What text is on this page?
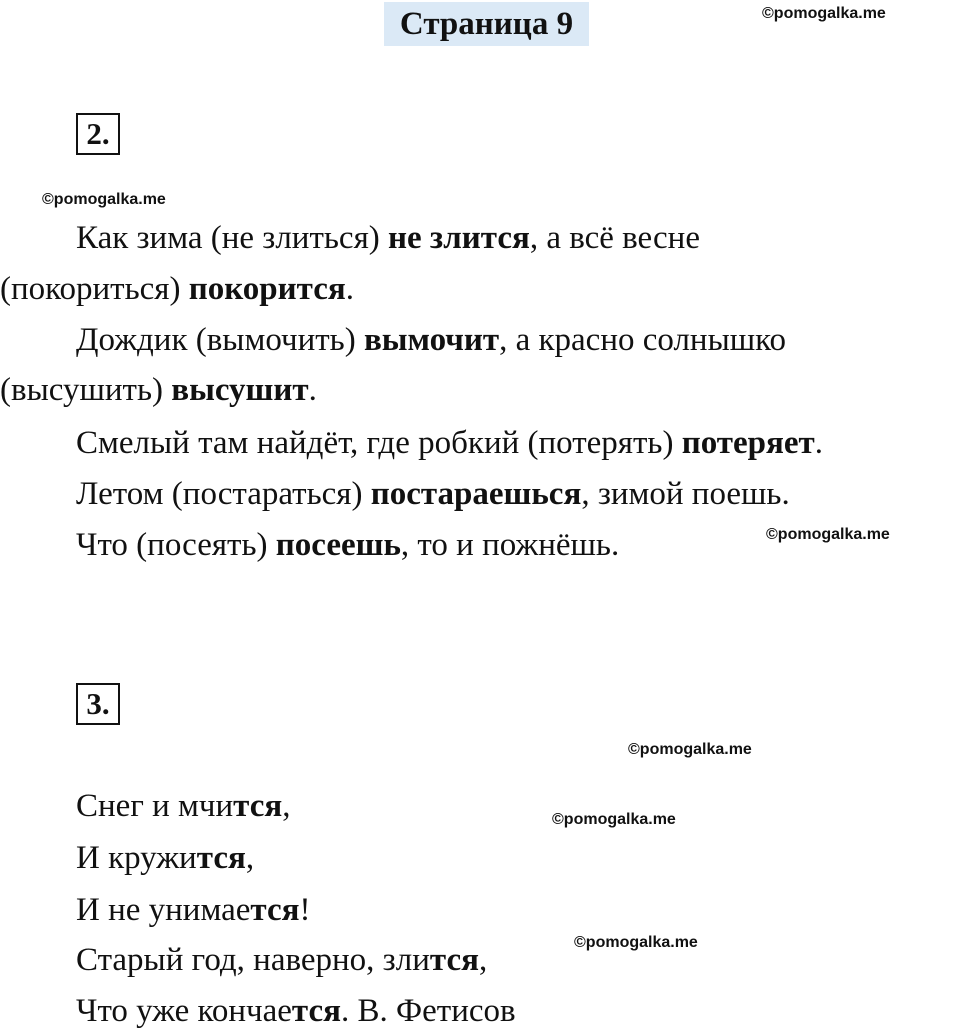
Страница 9	©pomogalka.me
2.
©pomogalka.me
Как зима (не злиться) не злится, а всё весне
(покориться) покорится.
Дождик (вымочить) вымочит, а красно солнышко
(высушить) высушит.
Смелый там найдёт, где робкий (потерять) потеряет.
Летом (постараться) постараешься, зимой поешь.
Что (посеять) посеешь, то и пожнёшь.	©pomogalka.me
3.
©pomogalka.me
Снег и мчится,	©pomogalka.me
И кружится,
И не унимается!
©pomogalka.me
Старый год, наверно, злится,
Что уже кончается. В. Фетисов
